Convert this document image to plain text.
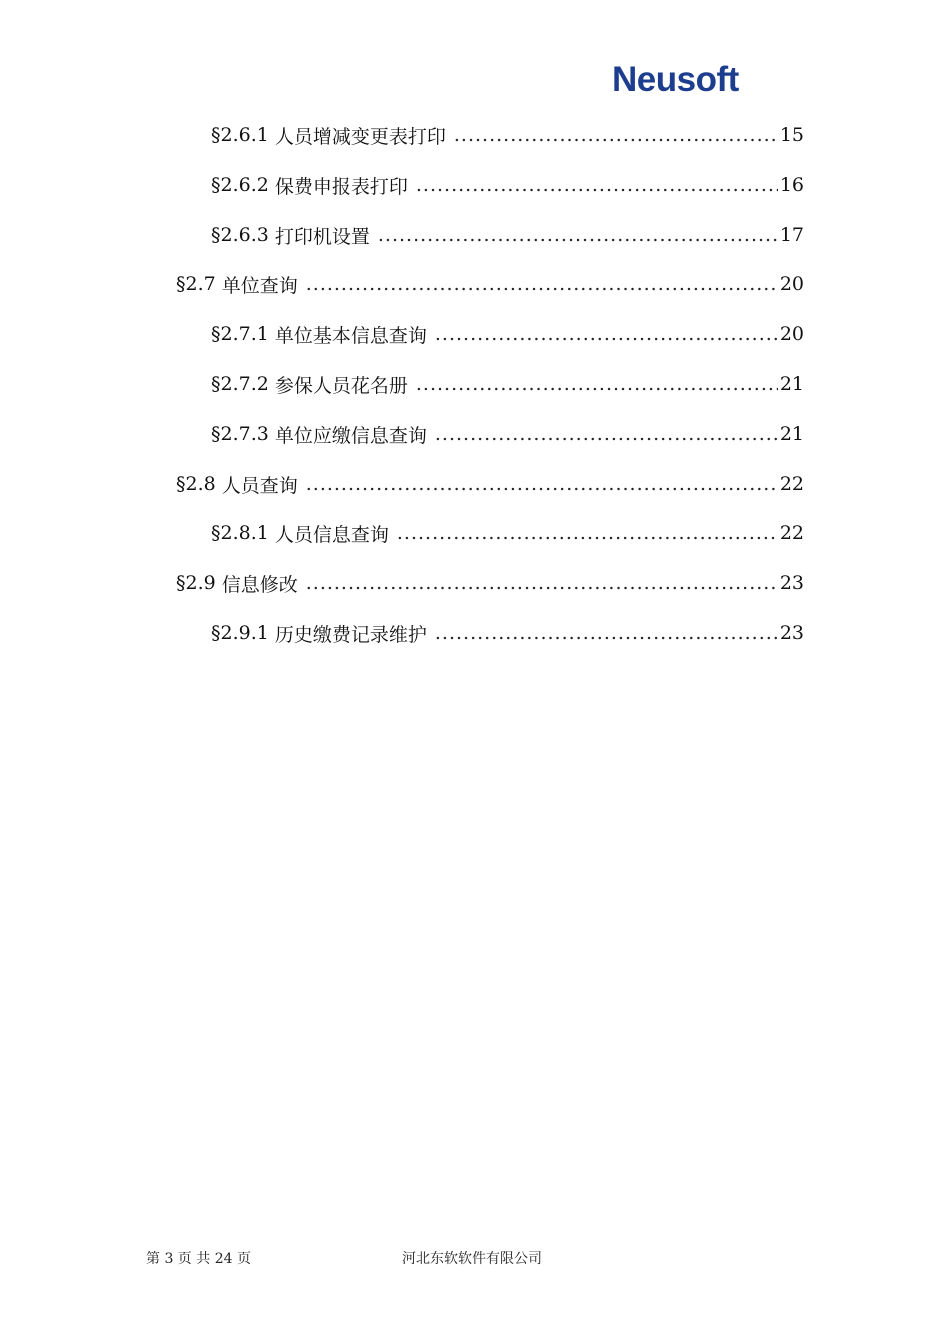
Neusoft
§2.6.1 人员增减变更表打印 .....	15
§2.6.2 保费申报表打印 .....	16
§2.6.3 打印机设置 .....	17
§2.7 单位查询 .....	20
§2.7.1 单位基本信息查询 .....	20
§2.7.2 参保人员花名册 .....	21
§2.7.3 单位应缴信息查询 .....	21
§2.8 人员查询 .....	22
§2.8.1 人员信息查询 .....	22
§2.9 信息修改 .....	23
§2.9.1 历史缴费记录维护 .....	23
第 3 页 共 24 页	河北东软软件有限公司
